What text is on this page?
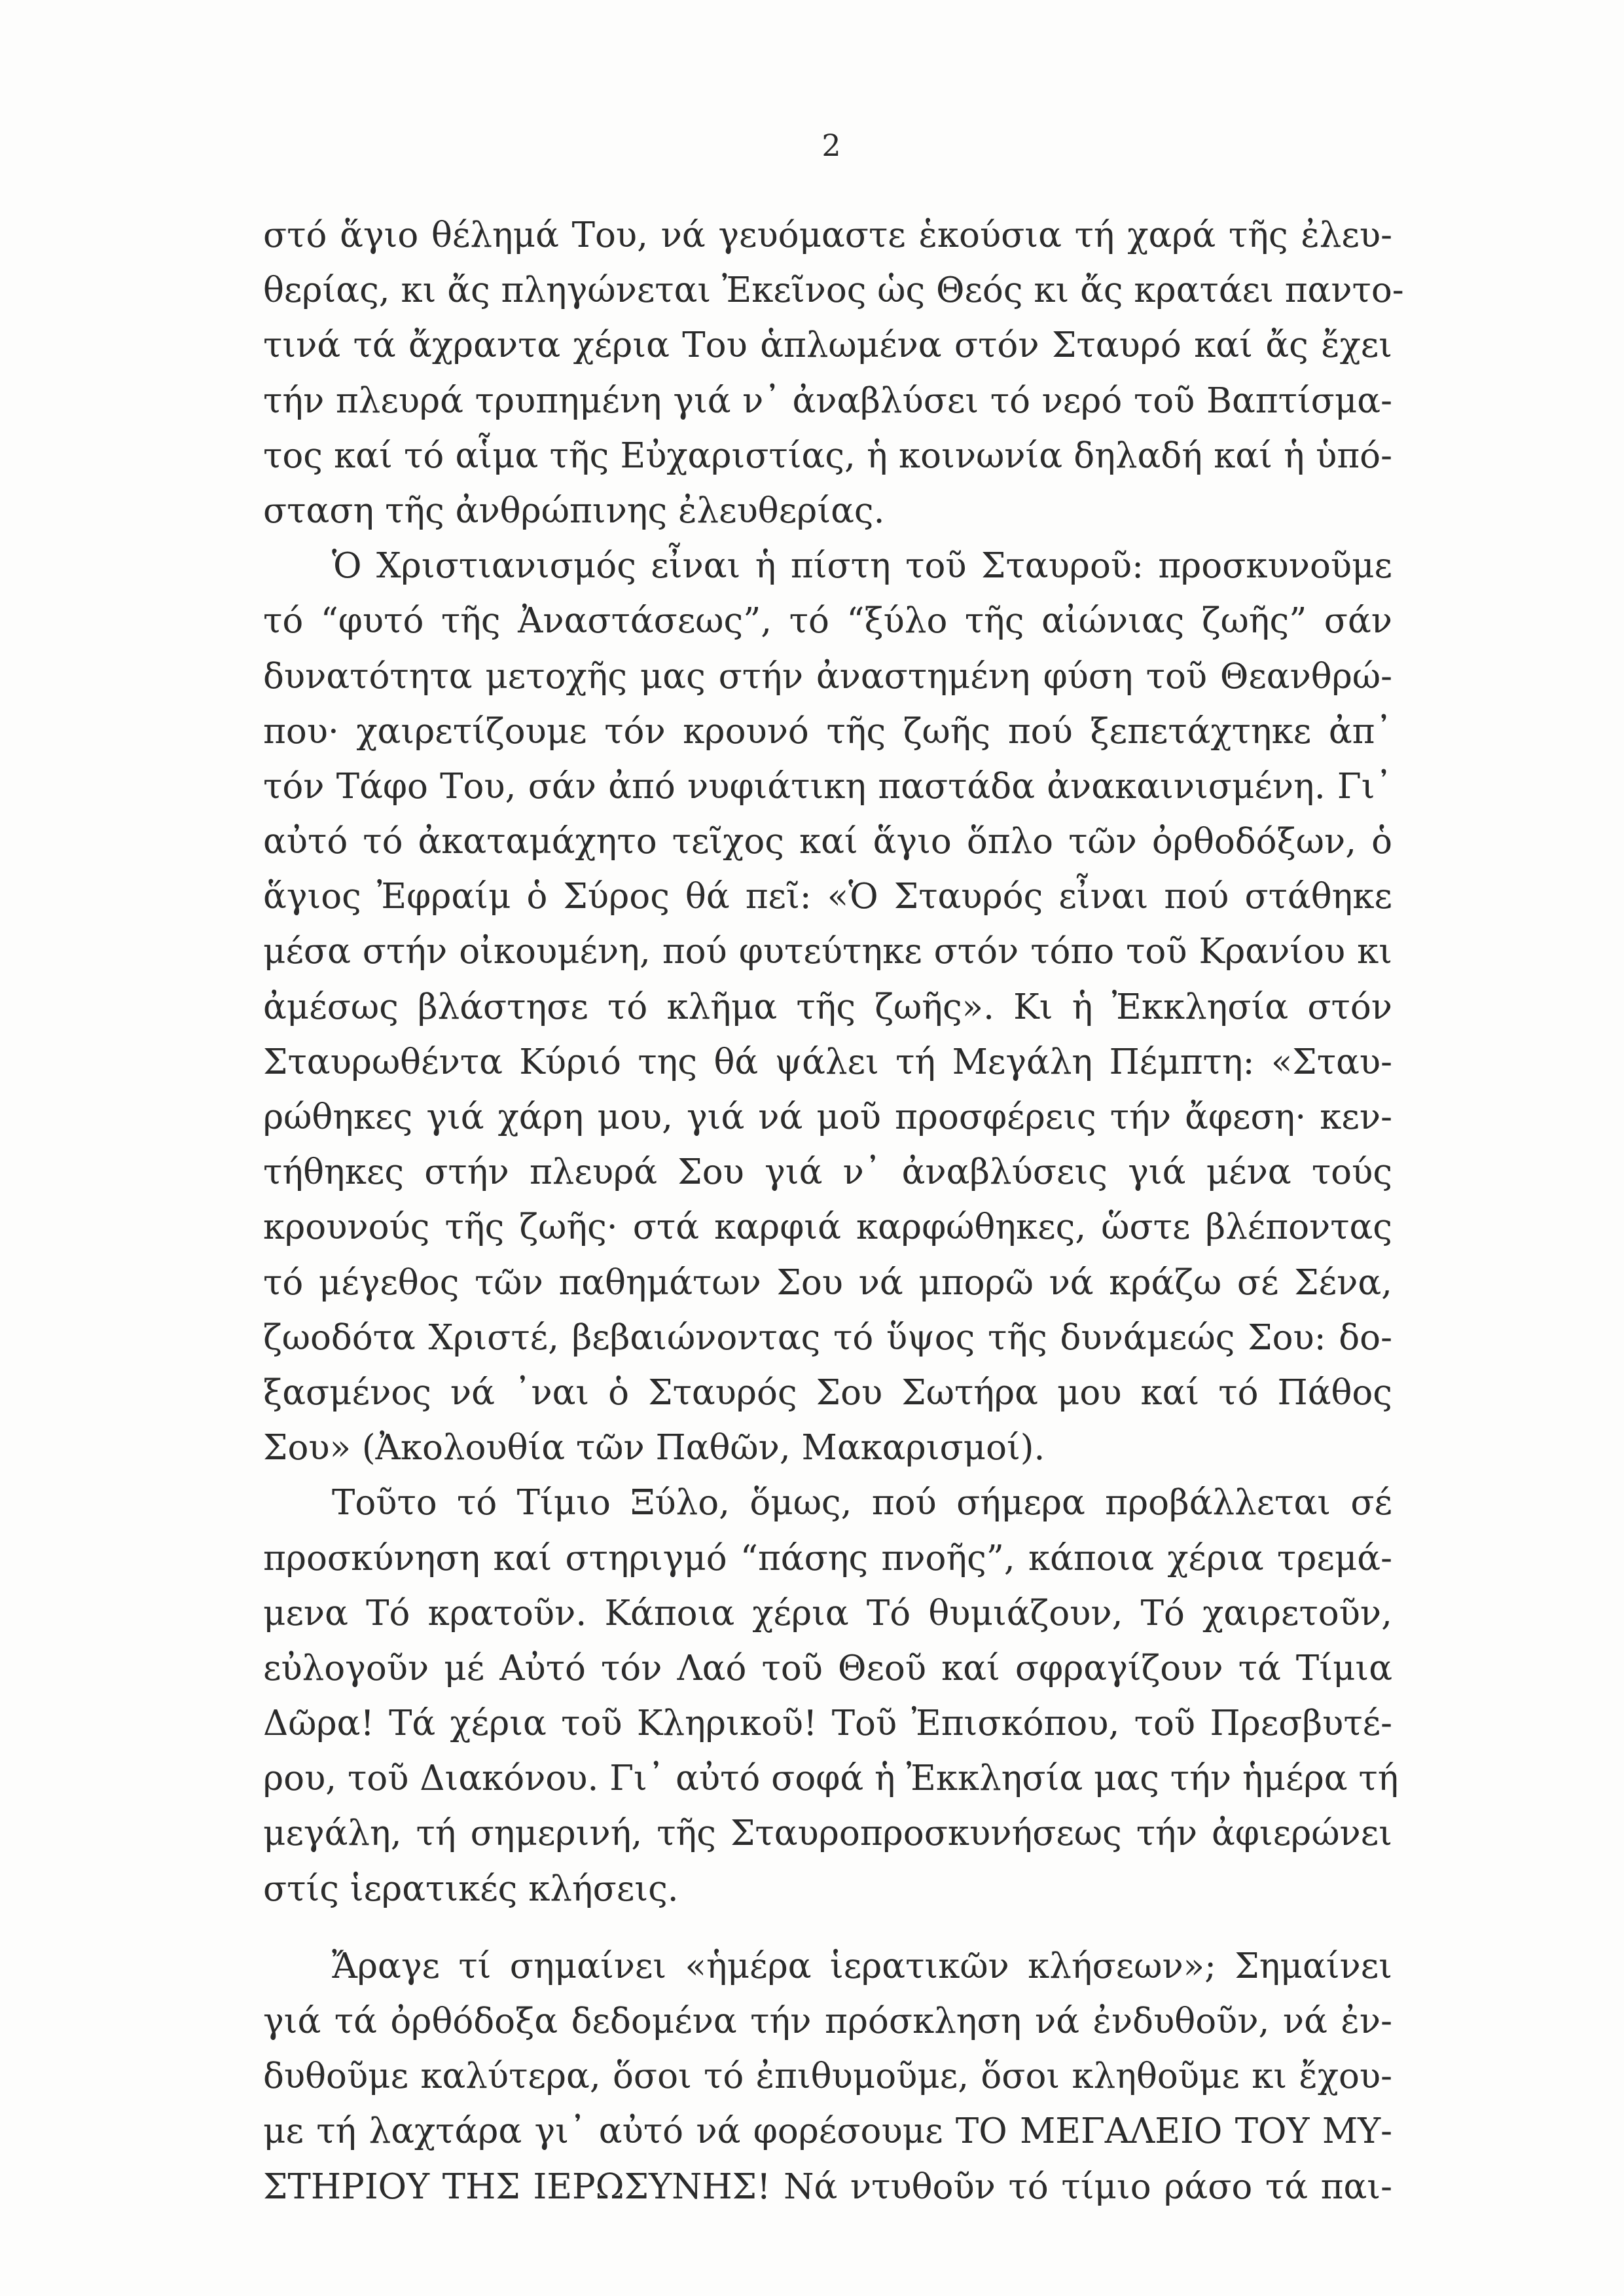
2
στό ἅγιο θέλημά Του, νά γευόμαστε ἑκούσια τή χαρά τῆς ἐλευ-
θερίας, κι ἄς πληγώνεται Ἐκεῖνος ὡς Θεός κι ἄς κρατάει παντο-
τινά τά ἄχραντα χέρια Του ἁπλωμένα στόν Σταυρό καί ἄς ἔχει
τήν πλευρά τρυπημένη γιά ν᾿ ἀναβλύσει τό νερό τοῦ Βαπτίσμα-
τος καί τό αἷμα τῆς Εὐχαριστίας, ἡ κοινωνία δηλαδή καί ἡ ὑπό-
σταση τῆς ἀνθρώπινης ἐλευθερίας.
Ὁ Χριστιανισμός εἶναι ἡ πίστη τοῦ Σταυροῦ: προσκυνοῦμε
τό “φυτό τῆς Ἀναστάσεως”, τό “ξύλο τῆς αἰώνιας ζωῆς” σάν
δυνατότητα μετοχῆς μας στήν ἀναστημένη φύση τοῦ Θεανθρώ-
που· χαιρετίζουμε τόν κρουνό τῆς ζωῆς πού ξεπετάχτηκε ἀπ᾿
τόν Τάφο Του, σάν ἀπό νυφιάτικη παστάδα ἀνακαινισμένη. Γι᾿
αὐτό τό ἀκαταμάχητο τεῖχος καί ἅγιο ὅπλο τῶν ὀρθοδόξων, ὁ
ἅγιος Ἐφραίμ ὁ Σύρος θά πεῖ: «Ὁ Σταυρός εἶναι πού στάθηκε
μέσα στήν οἰκουμένη, πού φυτεύτηκε στόν τόπο τοῦ Κρανίου κι
ἀμέσως βλάστησε τό κλῆμα τῆς ζωῆς». Κι ἡ Ἐκκλησία στόν
Σταυρωθέντα Κύριό της θά ψάλει τή Μεγάλη Πέμπτη: «Σταυ-
ρώθηκες γιά χάρη μου, γιά νά μοῦ προσφέρεις τήν ἄφεση· κεν-
τήθηκες στήν πλευρά Σου γιά ν᾿ ἀναβλύσεις γιά μένα τούς
κρουνούς τῆς ζωῆς· στά καρφιά καρφώθηκες, ὥστε βλέποντας
τό μέγεθος τῶν παθημάτων Σου νά μπορῶ νά κράζω σέ Σένα,
ζωοδότα Χριστέ, βεβαιώνοντας τό ὕψος τῆς δυνάμεώς Σου: δο-
ξασμένος νά ᾿ναι ὁ Σταυρός Σου Σωτήρα μου καί τό Πάθος
Σου» (Ἀκολουθία τῶν Παθῶν, Μακαρισμοί).
Τοῦτο τό Τίμιο Ξύλο, ὅμως, πού σήμερα προβάλλεται σέ
προσκύνηση καί στηριγμό “πάσης πνοῆς”, κάποια χέρια τρεμά-
μενα Τό κρατοῦν. Κάποια χέρια Τό θυμιάζουν, Τό χαιρετοῦν,
εὐλογοῦν μέ Αὐτό τόν Λαό τοῦ Θεοῦ καί σφραγίζουν τά Τίμια
Δῶρα! Τά χέρια τοῦ Κληρικοῦ! Τοῦ Ἐπισκόπου, τοῦ Πρεσβυτέ-
ρου, τοῦ Διακόνου. Γι᾿ αὐτό σοφά ἡ Ἐκκλησία μας τήν ἡμέρα τή
μεγάλη, τή σημερινή, τῆς Σταυροπροσκυνήσεως τήν ἀφιερώνει
στίς ἱερατικές κλήσεις.
Ἄραγε τί σημαίνει «ἡμέρα ἱερατικῶν κλήσεων»; Σημαίνει
γιά τά ὀρθόδοξα δεδομένα τήν πρόσκληση νά ἐνδυθοῦν, νά ἐν-
δυθοῦμε καλύτερα, ὅσοι τό ἐπιθυμοῦμε, ὅσοι κληθοῦμε κι ἔχου-
με τή λαχτάρα γι᾿ αὐτό νά φορέσουμε ΤΟ ΜΕΓΑΛΕΙΟ ΤΟΥ ΜΥ-
ΣΤΗΡΙΟΥ ΤΗΣ ΙΕΡΩΣΥΝΗΣ! Νά ντυθοῦν τό τίμιο ράσο τά παι-
